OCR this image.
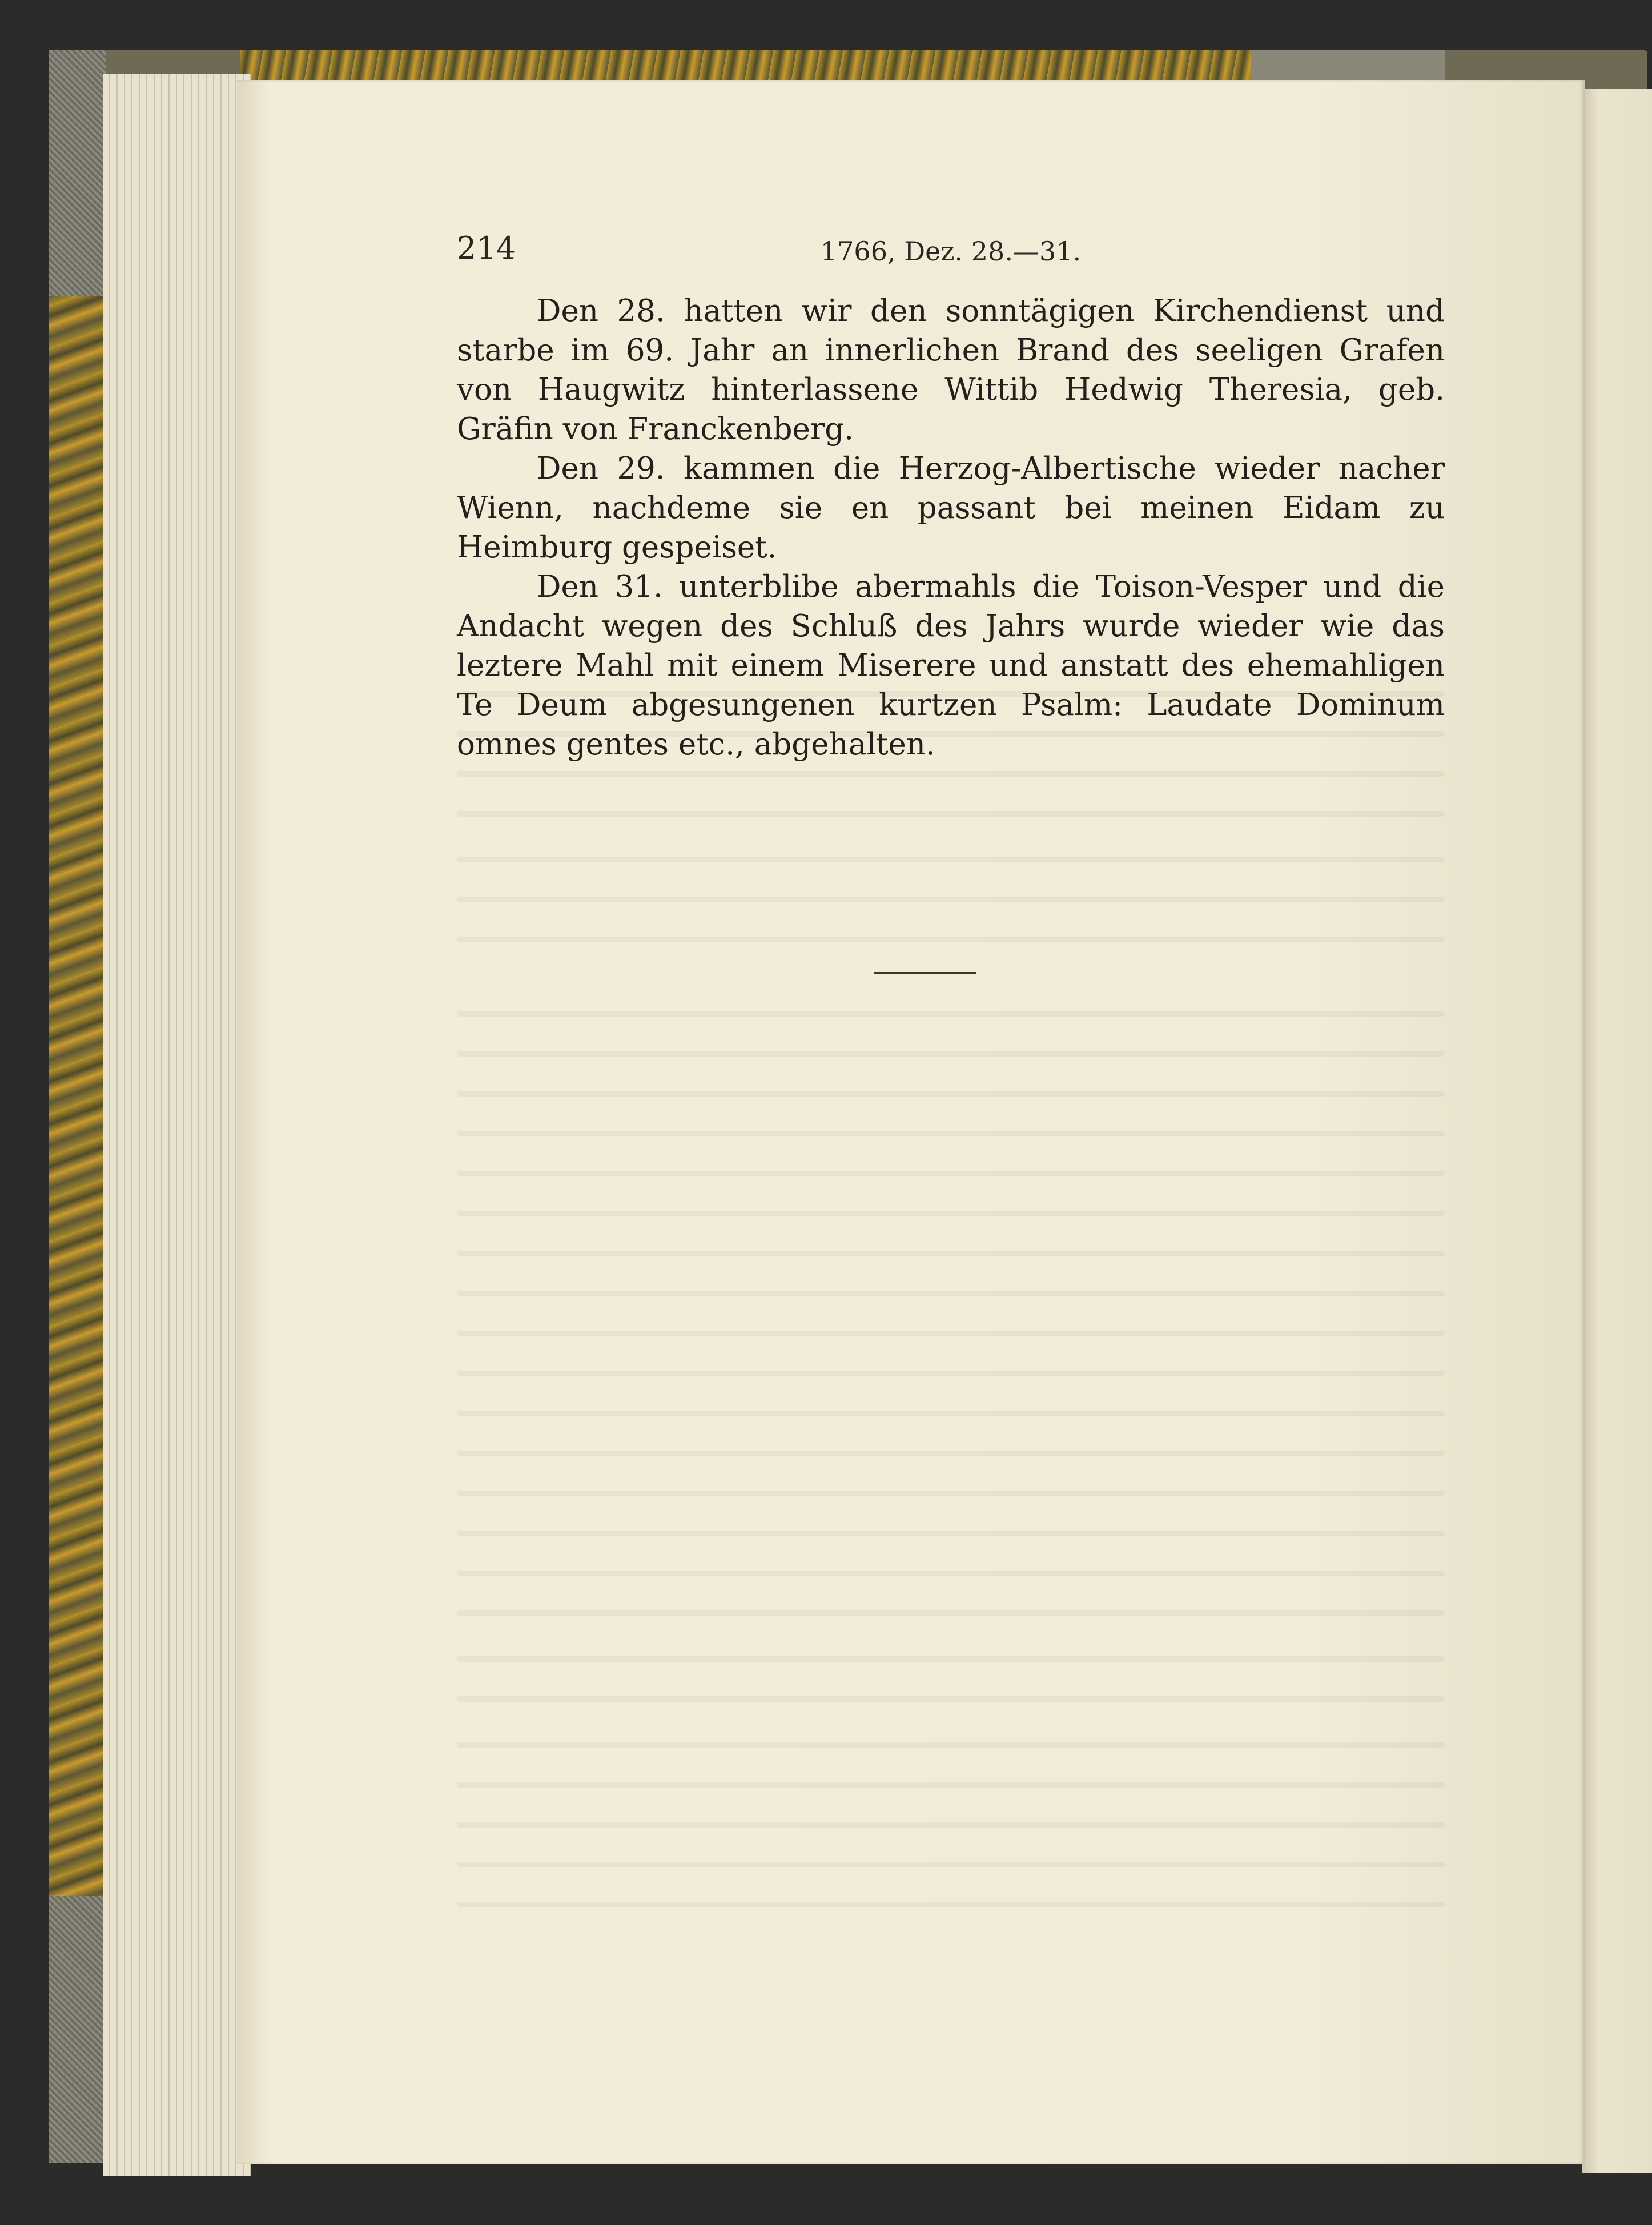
214	1766, Dez. 28.—31.

Den 28. hatten wir den sonntägigen Kirchendienst und starbe im 69. Jahr an innerlichen Brand des seeligen Grafen von Haugwitz hinterlassene Wittib Hedwig Theresia, geb. Gräfin von Franckenberg.

Den 29. kammen die Herzog-Albertische wieder nacher Wienn, nachdeme sie en passant bei meinen Eidam zu Heimburg gespeiset.

Den 31. unterblibe abermahls die Toison-Vesper und die Andacht wegen des Schluß des Jahrs wurde wieder wie das leztere Mahl mit einem Miserere und anstatt des ehemahligen Te Deum abgesungenen kurtzen Psalm: Laudate Dominum omnes gentes etc., abgehalten.
